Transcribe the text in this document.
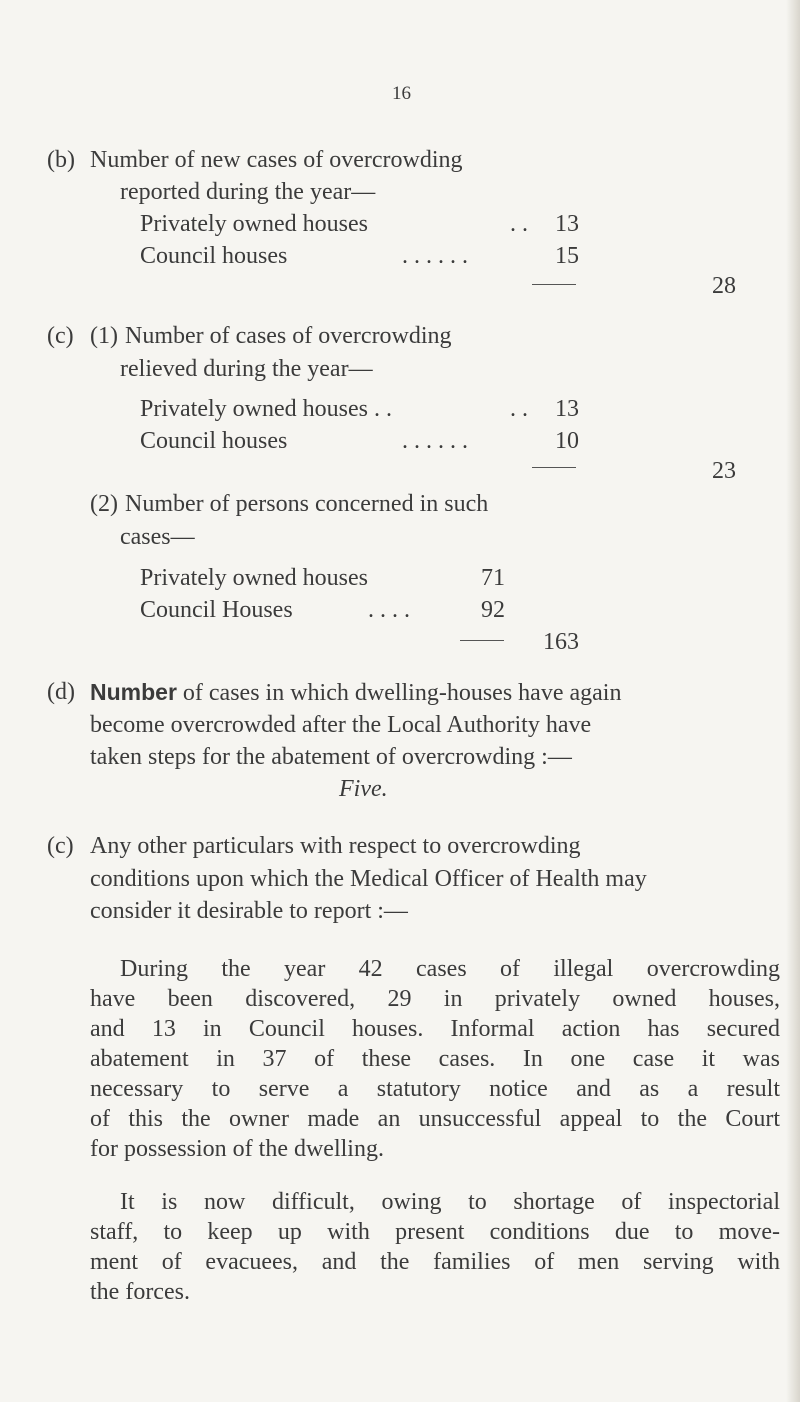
16
(b) Number of new cases of overcrowding
reported during the year—
Privately owned houses	. . 13
Council houses	. . . . . .	15
28
(c) (1) Number of cases of overcrowding
relieved during the year—
Privately owned houses . .	. . 13
Council houses	. . . . . .	10
23
(2) Number of persons concerned in such
cases—
Privately owned houses	71
Council Houses	. . . .	92
163
(d) Number of cases in which dwelling-houses have again
become overcrowded after the Local Authority have
taken steps for the abatement of overcrowding :—
Five.
(c) Any other particulars with respect to overcrowding
conditions upon which the Medical Officer of Health may
consider it desirable to report :—
During the year 42 cases of illegal overcrowding
have been discovered, 29 in privately owned houses,
and 13 in Council houses. Informal action has secured
abatement in 37 of these cases. In one case it was
necessary to serve a statutory notice and as a result
of this the owner made an unsuccessful appeal to the Court
for possession of the dwelling.
It is now difficult, owing to shortage of inspectorial
staff, to keep up with present conditions due to move-
ment of evacuees, and the families of men serving with
the forces.
